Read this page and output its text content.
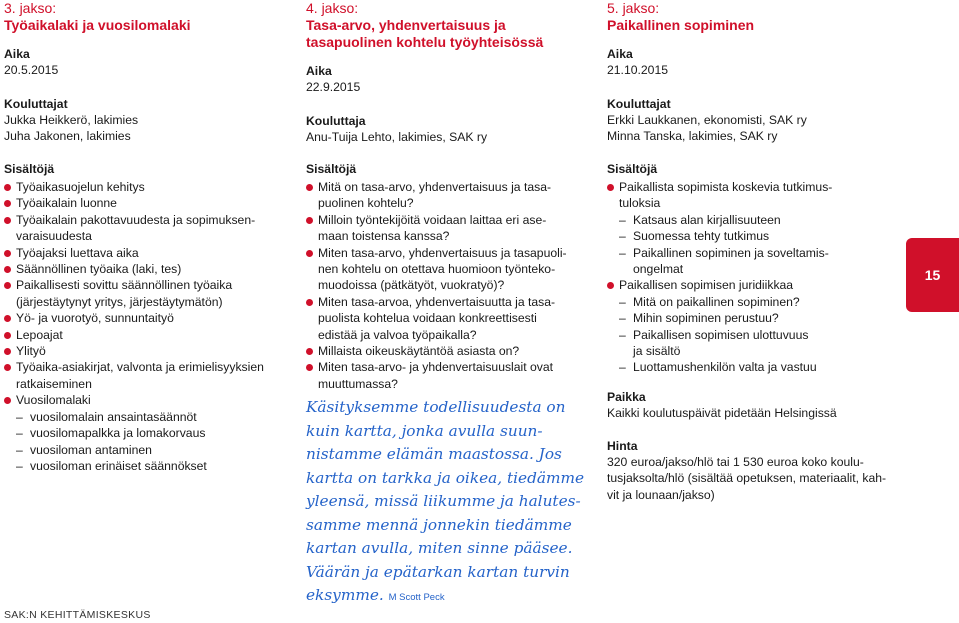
3. jakso:
Työaikalaki ja vuosilomalaki
Aika
20.5.2015
Kouluttajat
Jukka Heikkerö, lakimies
Juha Jakonen, lakimies
Sisältöjä
Työaikasuojelun kehitys
Työaikalain luonne
Työaikalain pakottavuudesta ja sopimuksen-
varaisuudesta
Työajaksi luettava aika
Säännöllinen työaika (laki, tes)
Paikallisesti sovittu säännöllinen työaika
(järjestäytynyt yritys, järjestäytymätön)
Yö- ja vuorotyö, sunnuntaityö
Lepoajat
Ylityö
Työaika-asiakirjat, valvonta ja erimielisyyksien
ratkaiseminen
Vuosilomalaki
– vuosilomalain ansaintasäännöt
– vuosilomapalkka ja lomakorvaus
– vuosiloman antaminen
– vuosiloman erinäiset säännökset
4. jakso:
Tasa-arvo, yhdenvertaisuus ja
tasapuolinen kohtelu työyhteisössä
Aika
22.9.2015
Kouluttaja
Anu-Tuija Lehto, lakimies, SAK ry
Sisältöjä
Mitä on tasa-arvo, yhdenvertaisuus ja tasa-
puolinen kohtelu?
Milloin työntekijöitä voidaan laittaa eri ase-
maan toistensa kanssa?
Miten tasa-arvo, yhdenvertaisuus ja tasapuoli-
nen kohtelu on otettava huomioon työnteko-
muodoissa (pätkätyöt, vuokratyö)?
Miten tasa-arvoa, yhdenvertaisuutta ja tasa-
puolista kohtelua voidaan konkreettisesti
edistää ja valvoa työpaikalla?
Millaista oikeuskäytäntöä asiasta on?
Miten tasa-arvo- ja yhdenvertaisuuslait ovat
muuttumassa?
Käsityksemme todellisuudesta on
kuin kartta, jonka avulla suun-
nistamme elämän maastossa. Jos
kartta on tarkka ja oikea, tiedämme
yleensä, missä liikumme ja halutes-
samme mennä jonnekin tiedämme
kartan avulla, miten sinne pääsee.
Väärän ja epätarkan kartan turvin
eksymme. M Scott Peck
5. jakso:
Paikallinen sopiminen
Aika
21.10.2015
Kouluttajat
Erkki Laukkanen, ekonomisti, SAK ry
Minna Tanska, lakimies, SAK ry
Sisältöjä
Paikallista sopimista koskevia tutkimus-
tuloksia
– Katsaus alan kirjallisuuteen
– Suomessa tehty tutkimus
– Paikallinen sopiminen ja soveltamis-
ongelmat
Paikallisen sopimisen juridiikkaa
– Mitä on paikallinen sopiminen?
– Mihin sopiminen perustuu?
– Paikallisen sopimisen ulottuvuus
ja sisältö
– Luottamushenkilön valta ja vastuu
Paikka
Kaikki koulutuspäivät pidetään Helsingissä
Hinta
320 euroa/jakso/hlö tai 1 530 euroa koko koulu-
tusjaksolta/hlö (sisältää opetuksen, materiaalit, kah-
vit ja lounaan/jakso)
15
SAK:N KEHITTÄMISKESKUS
